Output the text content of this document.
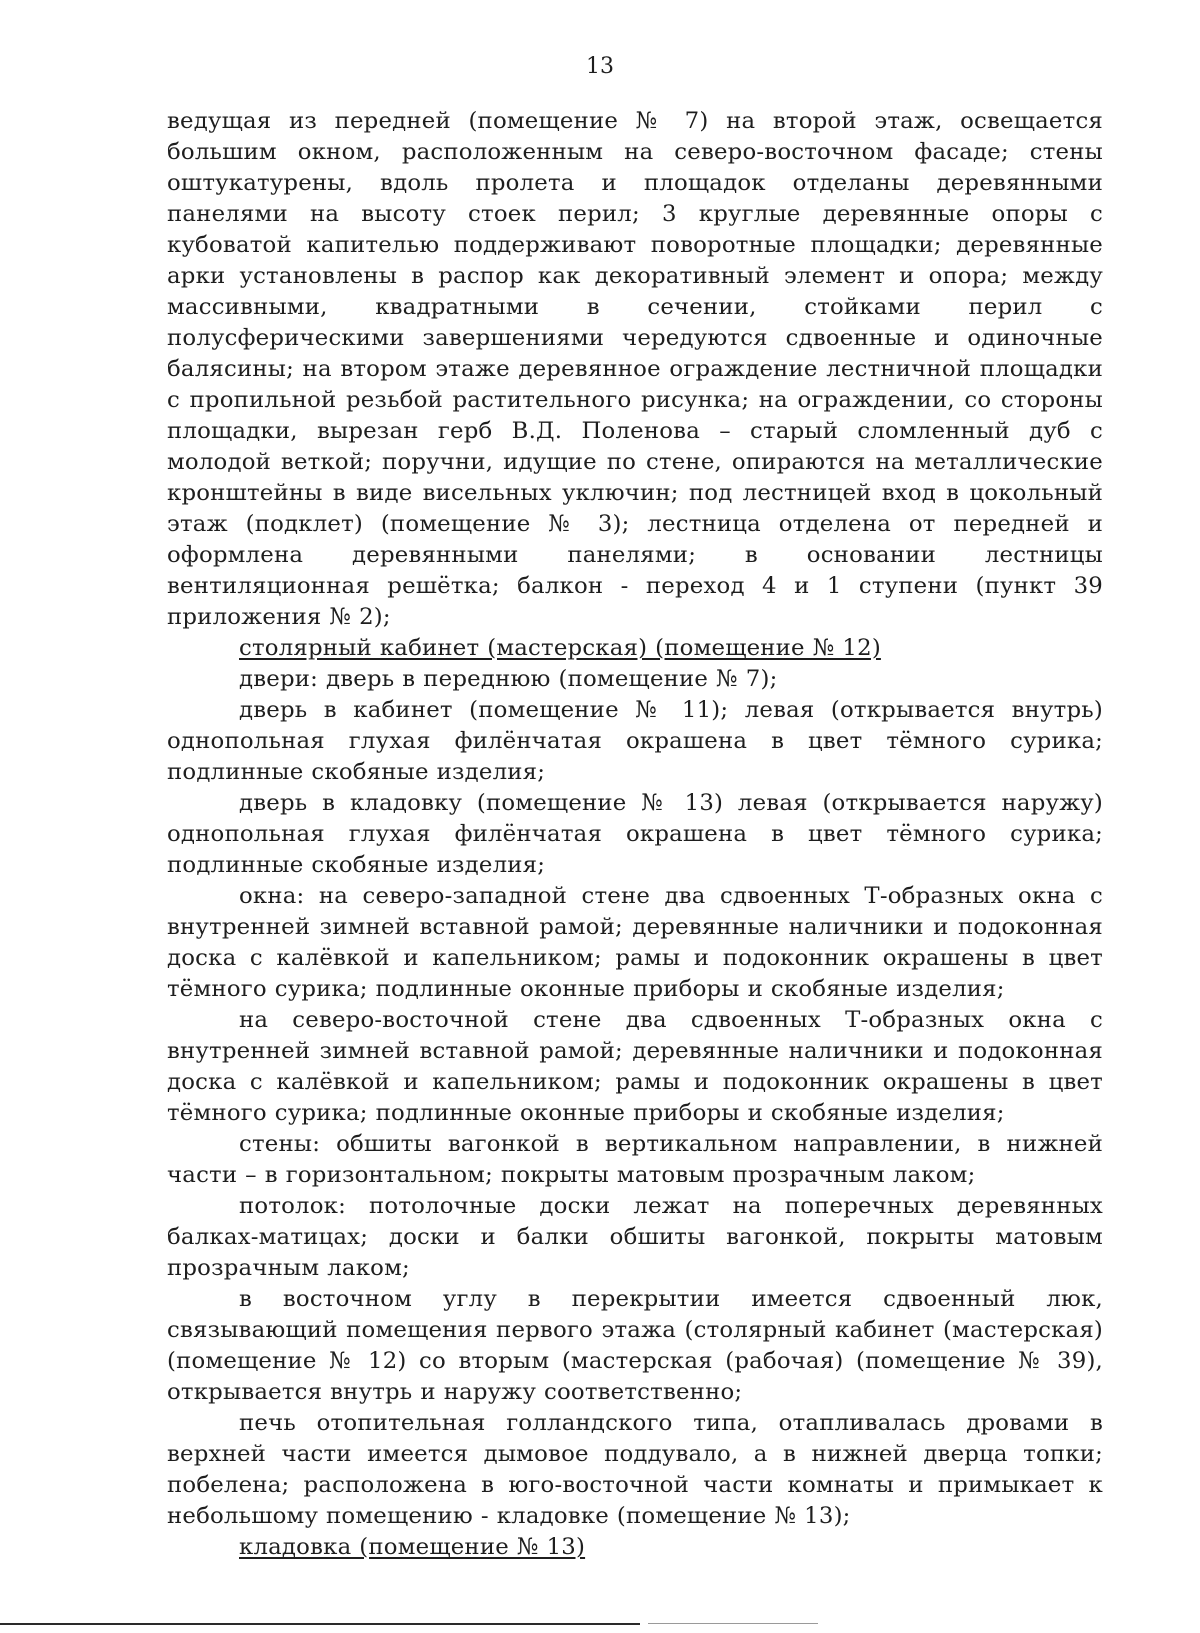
13

ведущая из передней (помещение № 7) на второй этаж, освещается большим окном, расположенным на северо-восточном фасаде; стены оштукатурены, вдоль пролета и площадок отделаны деревянными панелями на высоту стоек перил; 3 круглые деревянные опоры с кубоватой капителью поддерживают поворотные площадки; деревянные арки установлены в распор как декоративный элемент и опора; между массивными, квадратными в сечении, стойками перил с полусферическими завершениями чередуются сдвоенные и одиночные балясины; на втором этаже деревянное ограждение лестничной площадки с пропильной резьбой растительного рисунка; на ограждении, со стороны площадки, вырезан герб В.Д. Поленова – старый сломленный дуб с молодой веткой; поручни, идущие по стене, опираются на металлические кронштейны в виде висельных уключин; под лестницей вход в цокольный этаж (подклет) (помещение № 3); лестница отделена от передней и оформлена деревянными панелями; в основании лестницы вентиляционная решётка; балкон - переход 4 и 1 ступени (пункт 39 приложения № 2);

столярный кабинет (мастерская) (помещение № 12)

двери: дверь в переднюю (помещение № 7);

дверь в кабинет (помещение № 11); левая (открывается внутрь) однопольная глухая филёнчатая окрашена в цвет тёмного сурика; подлинные скобяные изделия;

дверь в кладовку (помещение № 13) левая (открывается наружу) однопольная глухая филёнчатая окрашена в цвет тёмного сурика; подлинные скобяные изделия;

окна: на северо-западной стене два сдвоенных Т-образных окна с внутренней зимней вставной рамой; деревянные наличники и подоконная доска с калёвкой и капельником; рамы и подоконник окрашены в цвет тёмного сурика; подлинные оконные приборы и скобяные изделия;

на северо-восточной стене два сдвоенных Т-образных окна с внутренней зимней вставной рамой; деревянные наличники и подоконная доска с калёвкой и капельником; рамы и подоконник окрашены в цвет тёмного сурика; подлинные оконные приборы и скобяные изделия;

стены: обшиты вагонкой в вертикальном направлении, в нижней части – в горизонтальном; покрыты матовым прозрачным лаком;

потолок: потолочные доски лежат на поперечных деревянных балках-матицах; доски и балки обшиты вагонкой, покрыты матовым прозрачным лаком;

в восточном углу в перекрытии имеется сдвоенный люк, связывающий помещения первого этажа (столярный кабинет (мастерская) (помещение № 12) со вторым (мастерская (рабочая) (помещение № 39), открывается внутрь и наружу соответственно;

печь отопительная голландского типа, отапливалась дровами в верхней части имеется дымовое поддувало, а в нижней дверца топки; побелена; расположена в юго-восточной части комнаты и примыкает к небольшому помещению - кладовке (помещение № 13);

кладовка (помещение № 13)
